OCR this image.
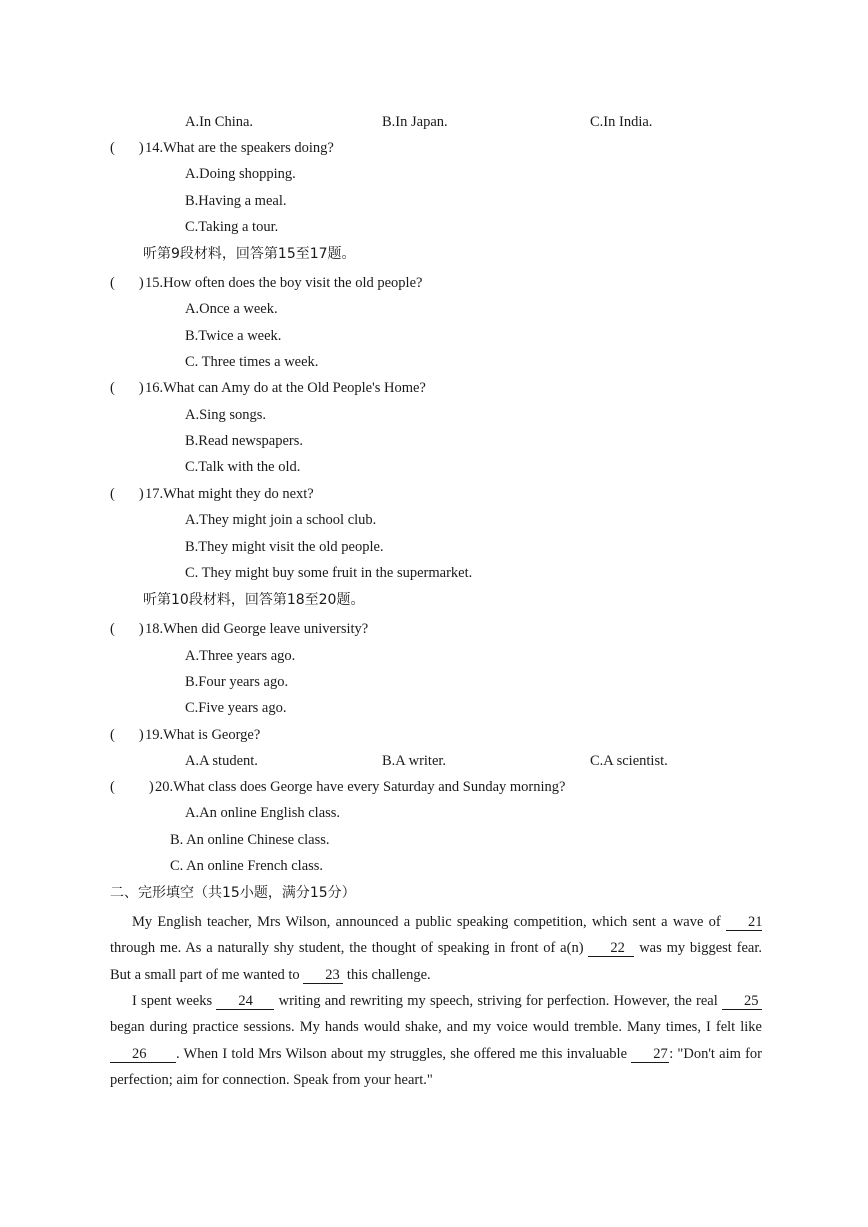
A.In China.	B.In Japan.	C.In India.
( ) 14.What are the speakers doing?
A.Doing shopping.
B.Having a meal.
C.Taking a tour.
听第9段材料，回答第15至17题。
( ) 15.How often does the boy visit the old people?
A.Once a week.
B.Twice a week.
C. Three times a week.
( ) 16.What can Amy do at the Old People's Home?
A.Sing songs.
B.Read newspapers.
C.Talk with the old.
( ) 17.What might they do next?
A.They might join a school club.
B.They might visit the old people.
C. They might buy some fruit in the supermarket.
听第10段材料，回答第18至20题。
( ) 18.When did George leave university?
A.Three years ago.
B.Four years ago.
C.Five years ago.
( ) 19.What is George?
A.A student.	B.A writer.	C.A scientist.
( ) 20.What class does George have every Saturday and Sunday morning?
A.An online English class.
B. An online Chinese class.
C. An online French class.
二、完形填空（共15小题，满分15分）
My English teacher, Mrs Wilson, announced a public speaking competition, which sent a wave of 21 through me. As a naturally shy student, the thought of speaking in front of a(n) 22 was my biggest fear. But a small part of me wanted to 23 this challenge.
I spent weeks 24 writing and rewriting my speech, striving for perfection. However, the real 25 began during practice sessions. My hands would shake, and my voice would tremble. Many times, I felt like 26 . When I told Mrs Wilson about my struggles, she offered me this invaluable 27 : "Don't aim for perfection; aim for connection. Speak from your heart."
